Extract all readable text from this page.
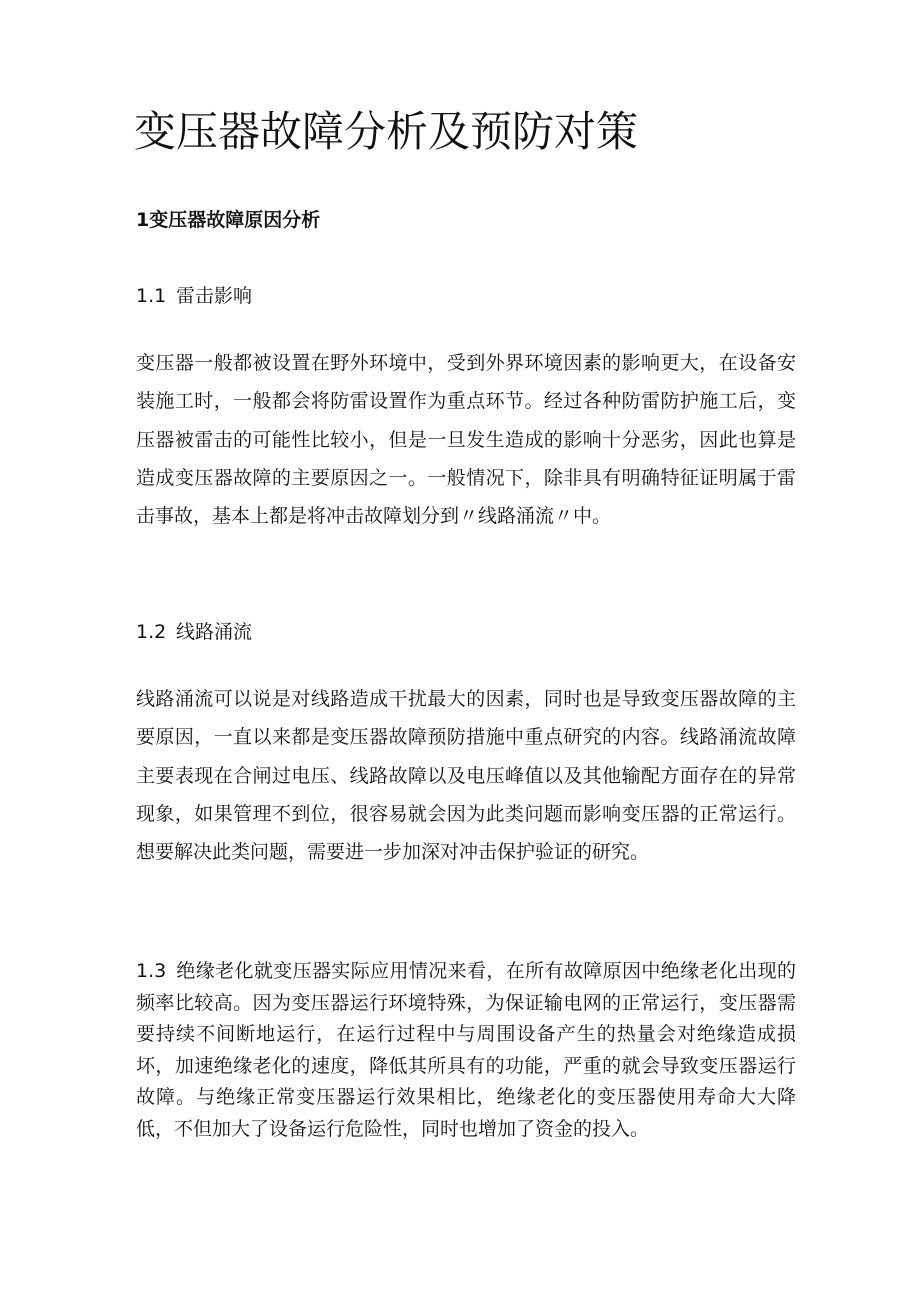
变压器故障分析及预防对策
1变压器故障原因分析
1.1 雷击影响

变压器一般都被设置在野外环境中，受到外界环境因素的影响更大，在设备安装施工时，一般都会将防雷设置作为重点环节。经过各种防雷防护施工后，变压器被雷击的可能性比较小，但是一旦发生造成的影响十分恶劣，因此也算是造成变压器故障的主要原因之一。一般情况下，除非具有明确特征证明属于雷击事故，基本上都是将冲击故障划分到〃线路涌流〃中。

1.2 线路涌流

线路涌流可以说是对线路造成干扰最大的因素，同时也是导致变压器故障的主要原因，一直以来都是变压器故障预防措施中重点研究的内容。线路涌流故障主要表现在合闸过电压、线路故障以及电压峰值以及其他输配方面存在的异常现象，如果管理不到位，很容易就会因为此类问题而影响变压器的正常运行。想要解决此类问题，需要进一步加深对冲击保护验证的研究。

1.3 绝缘老化就变压器实际应用情况来看，在所有故障原因中绝缘老化出现的频率比较高。因为变压器运行环境特殊，为保证输电网的正常运行，变压器需要持续不间断地运行，在运行过程中与周围设备产生的热量会对绝缘造成损坏，加速绝缘老化的速度，降低其所具有的功能，严重的就会导致变压器运行故障。与绝缘正常变压器运行效果相比，绝缘老化的变压器使用寿命大大降低，不但加大了设备运行危险性，同时也增加了资金的投入。
